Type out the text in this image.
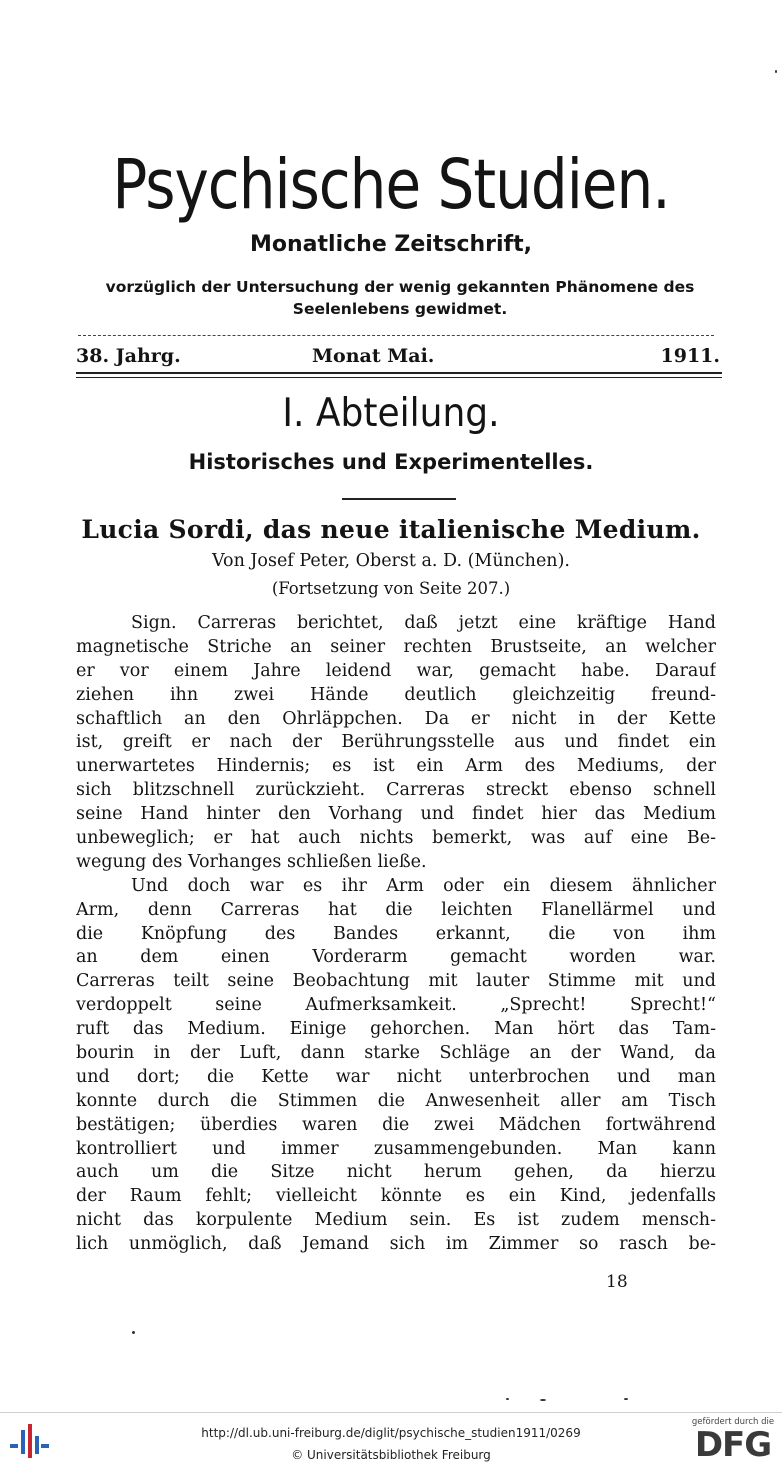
Psychische Studien.
Monatliche Zeitschrift,
vorzüglich der Untersuchung der wenig gekannten Phänomene des
Seelenlebens gewidmet.
38. Jahrg.	Monat Mai.	1911.
I. Abteilung.
Historisches und Experimentelles.
Lucia Sordi, das neue italienische Medium.
Von Josef Peter, Oberst a. D. (München).
(Fortsetzung von Seite 207.)
Sign. Carreras berichtet, daß jetzt eine kräftige Hand
magnetische Striche an seiner rechten Brustseite, an welcher
er vor einem Jahre leidend war, gemacht habe. Darauf
ziehen ihn zwei Hände deutlich gleichzeitig freund-
schaftlich an den Ohrläppchen. Da er nicht in der Kette
ist, greift er nach der Berührungsstelle aus und findet ein
unerwartetes Hindernis; es ist ein Arm des Mediums, der
sich blitzschnell zurückzieht. Carreras streckt ebenso schnell
seine Hand hinter den Vorhang und findet hier das Medium
unbeweglich; er hat auch nichts bemerkt, was auf eine Be-
wegung des Vorhanges schließen ließe.
Und doch war es ihr Arm oder ein diesem ähnlicher
Arm, denn Carreras hat die leichten Flanellärmel und
die Knöpfung des Bandes erkannt, die von ihm
an dem einen Vorderarm gemacht worden war.
Carreras teilt seine Beobachtung mit lauter Stimme mit und
verdoppelt seine Aufmerksamkeit. „Sprecht! Sprecht!“
ruft das Medium. Einige gehorchen. Man hört das Tam-
bourin in der Luft, dann starke Schläge an der Wand, da
und dort; die Kette war nicht unterbrochen und man
konnte durch die Stimmen die Anwesenheit aller am Tisch
bestätigen; überdies waren die zwei Mädchen fortwährend
kontrolliert und immer zusammengebunden. Man kann
auch um die Sitze nicht herum gehen, da hierzu
der Raum fehlt; vielleicht könnte es ein Kind, jedenfalls
nicht das korpulente Medium sein. Es ist zudem mensch-
lich unmöglich, daß Jemand sich im Zimmer so rasch be-
18
http://dl.ub.uni-freiburg.de/diglit/psychische_studien1911/0269
© Universitätsbibliothek Freiburg
gefördert durch die
DFG
